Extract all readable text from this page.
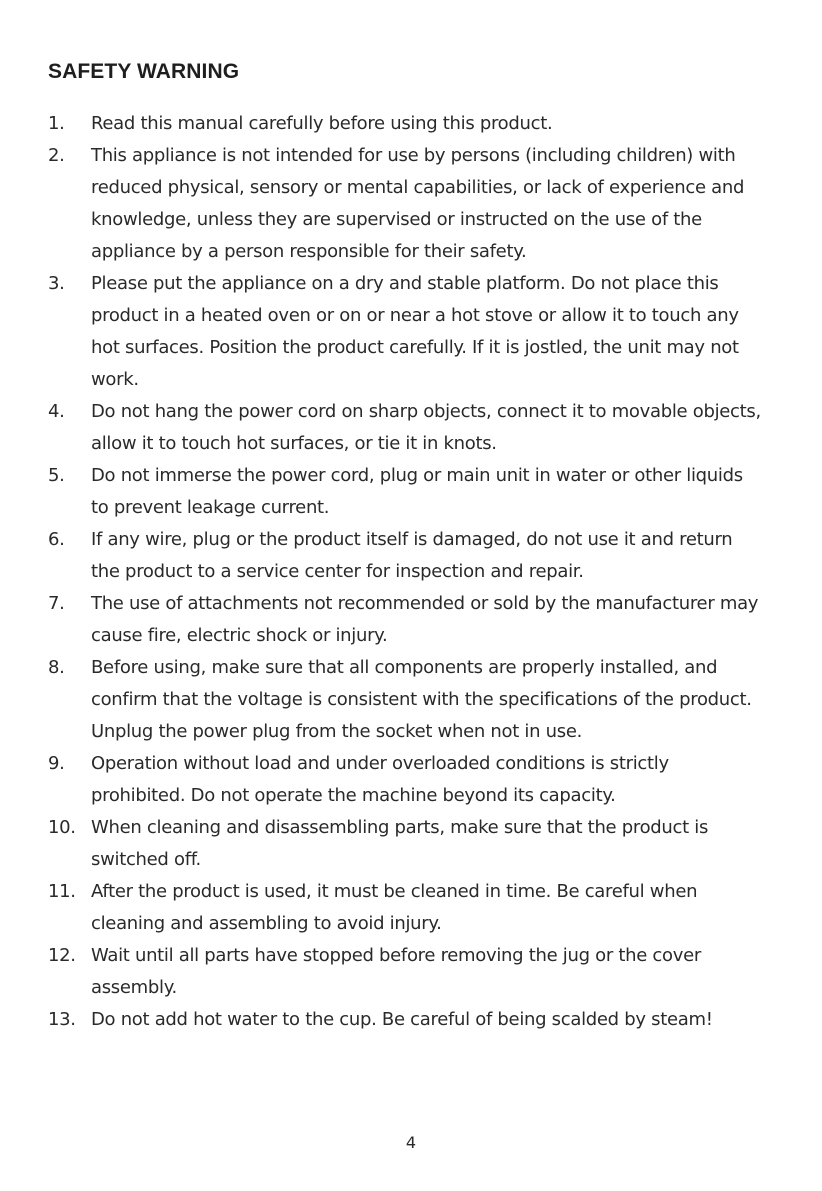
SAFETY WARNING
1.	Read this manual carefully before using this product.
2.	This appliance is not intended for use by persons (including children) with
reduced physical, sensory or mental capabilities, or lack of experience and
knowledge, unless they are supervised or instructed on the use of the
appliance by a person responsible for their safety.
3.	Please put the appliance on a dry and stable platform. Do not place this
product in a heated oven or on or near a hot stove or allow it to touch any
hot surfaces. Position the product carefully. If it is jostled, the unit may not
work.
4.	Do not hang the power cord on sharp objects, connect it to movable objects,
allow it to touch hot surfaces, or tie it in knots.
5.	Do not immerse the power cord, plug or main unit in water or other liquids
to prevent leakage current.
6.	If any wire, plug or the product itself is damaged, do not use it and return
the product to a service center for inspection and repair.
7.	The use of attachments not recommended or sold by the manufacturer may
cause fire, electric shock or injury.
8.	Before using, make sure that all components are properly installed, and
confirm that the voltage is consistent with the specifications of the product.
Unplug the power plug from the socket when not in use.
9.	Operation without load and under overloaded conditions is strictly
prohibited. Do not operate the machine beyond its capacity.
10. When cleaning and disassembling parts, make sure that the product is
switched off.
11. After the product is used, it must be cleaned in time. Be careful when
cleaning and assembling to avoid injury.
12. Wait until all parts have stopped before removing the jug or the cover
assembly.
13. Do not add hot water to the cup. Be careful of being scalded by steam!
4
